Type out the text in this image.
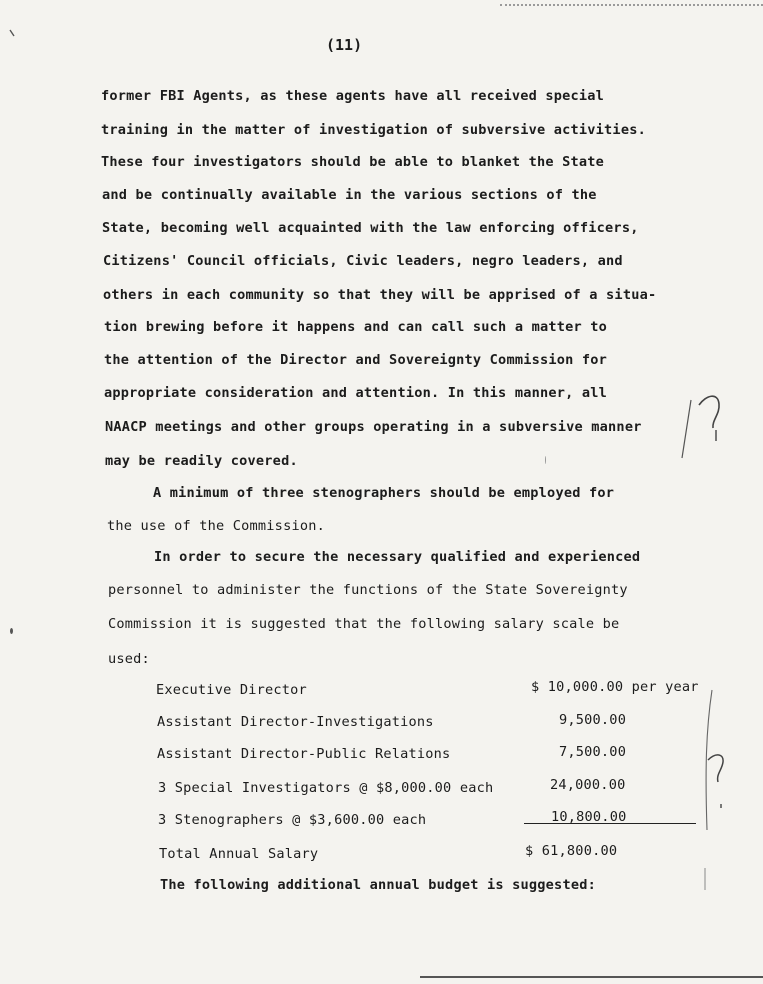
(11)
former FBI Agents, as these agents have all received special
training in the matter of investigation of subversive activities.
These four investigators should be able to blanket the State
and be continually available in the various sections of the
State, becoming well acquainted with the law enforcing officers,
Citizens' Council officials, Civic leaders, negro leaders, and
others in each community so that they will be apprised of a situa-
tion brewing before it happens and can call such a matter to
the attention of the Director and Sovereignty Commission for
appropriate consideration and attention. In this manner, all
NAACP meetings and other groups operating in a subversive manner
may be readily covered.
A minimum of three stenographers should be employed for
the use of the Commission.
In order to secure the necessary qualified and experienced
personnel to administer the functions of the State Sovereignty
Commission it is suggested that the following salary scale be
used:
Executive Director	$ 10,000.00 per year
Assistant Director-Investigations	9,500.00
Assistant Director-Public Relations	7,500.00
3 Special Investigators @ $8,000.00 each	24,000.00
3 Stenographers @ $3,600.00 each	10,800.00
Total Annual Salary	$ 61,800.00
The following additional annual budget is suggested:
